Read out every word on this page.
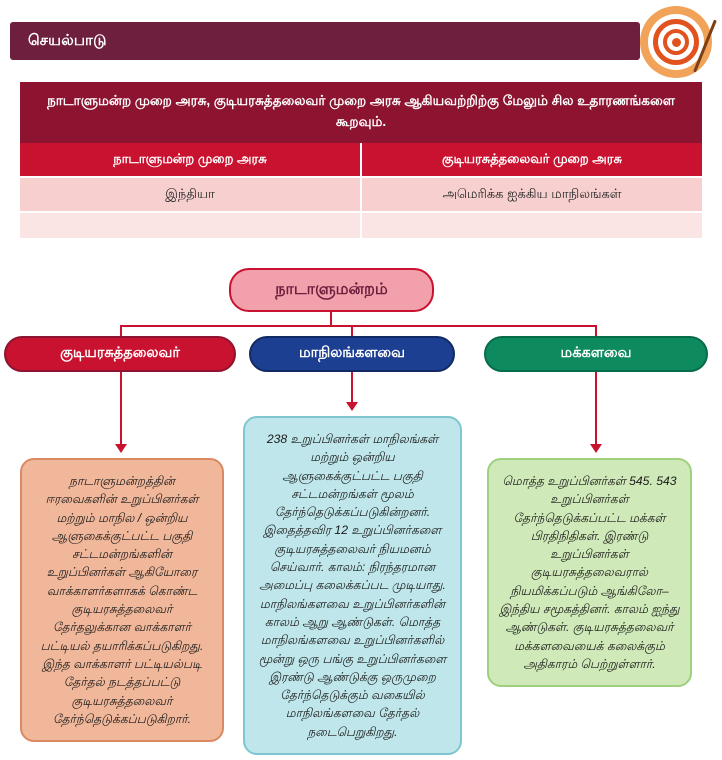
செயல்பாடு
நாடாளுமன்ற முறை அரசு, குடியரசுத்தலைவர் முறை அரசு ஆகியவற்றிற்கு மேலும் சில உதாரணங்களை கூறவும்.
நாடாளுமன்ற முறை அரசு	குடியரசுத்தலைவர் முறை அரசு
இந்தியா	அமெரிக்க ஐக்கிய மாநிலங்கள்

நாடாளுமன்றம்
குடியரசுத்தலைவர்	மாநிலங்களவை	மக்களவை
நாடாளுமன்றத்தின் ஈரவைகளின் உறுப்பினர்கள் மற்றும் மாநில / ஒன்றிய ஆளுகைக்குட்பட்ட பகுதி சட்டமன்றங்களின் உறுப்பினர்கள் ஆகியோரை வாக்காளர்களாகக் கொண்ட குடியரசுத்தலைவர் தேர்தலுக்கான வாக்காளர் பட்டியல் தயாரிக்கப்படுகிறது. இந்த வாக்காளர் பட்டியல்படி தேர்தல் நடத்தப்பட்டு குடியரசுத்தலைவர் தேர்ந்தெடுக்கப்படுகிறார்.
238 உறுப்பினர்கள் மாநிலங்கள் மற்றும் ஒன்றிய ஆளுகைக்குட்பட்ட பகுதி சட்டமன்றங்கள் மூலம் தேர்ந்தெடுக்கப்படுகின்றனர். இதைத்தவிர 12 உறுப்பினர்களை குடியரசுத்தலைவர் நியமனம் செய்வார். காலம்: நிரந்தரமான அமைப்பு கலைக்கப்பட முடியாது. மாநிலங்களவை உறுப்பினர்களின் காலம் ஆறு ஆண்டுகள். மொத்த மாநிலங்களவை உறுப்பினர்களில் மூன்று ஒரு பங்கு உறுப்பினர்களை இரண்டு ஆண்டுக்கு ஒருமுறை தேர்ந்தெடுக்கும் வகையில் மாநிலங்களவை தேர்தல் நடைபெறுகிறது.
மொத்த உறுப்பினர்கள் 545. 543 உறுப்பினர்கள் தேர்ந்தெடுக்கப்பட்ட மக்கள் பிரதிநிதிகள். இரண்டு உறுப்பினர்கள் குடியரசுத்தலைவரால் நியமிக்கப்படும் ஆங்கிலோ–இந்திய சமூகத்தினர். காலம் ஐந்து ஆண்டுகள். குடியரசுத்தலைவர் மக்களவையைக் கலைக்கும் அதிகாரம் பெற்றுள்ளார்.
